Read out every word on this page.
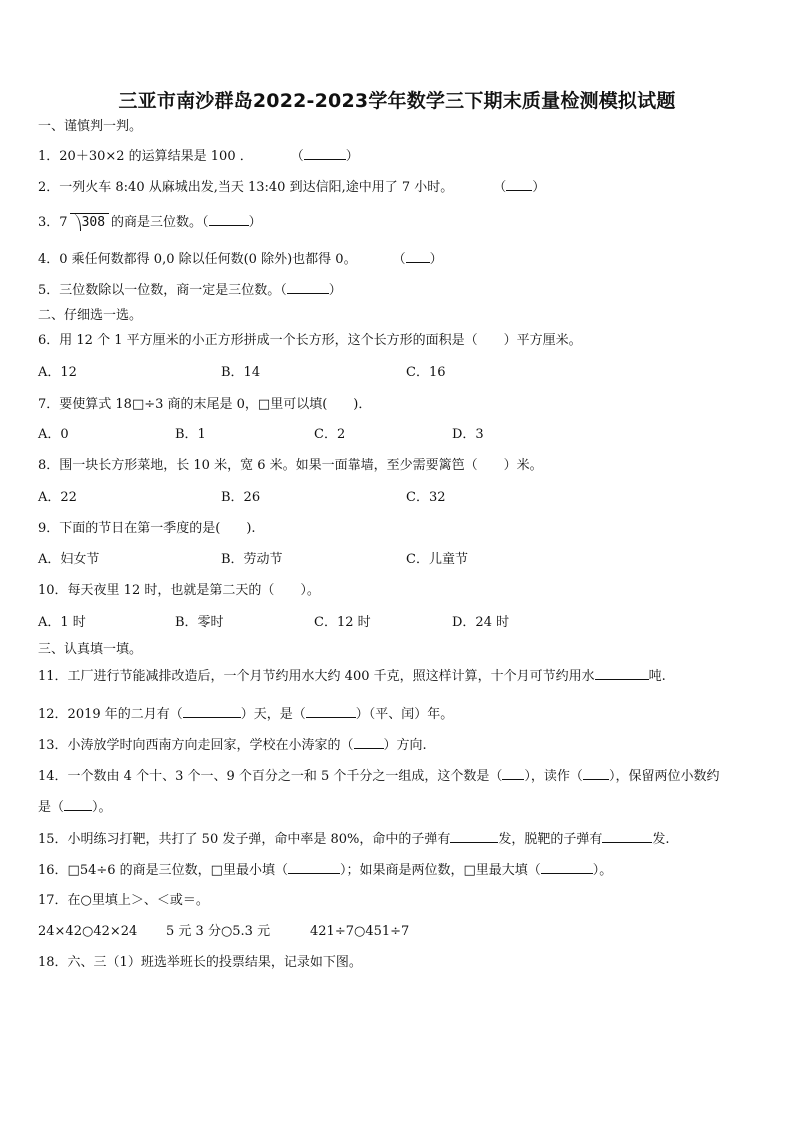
三亚市南沙群岛2022-2023学年数学三下期末质量检测模拟试题
一、谨慎判一判。
1．20＋30×2 的运算结果是 100 ．	（	）
2．一列火车 8:40 从麻城出发,当天 13:40 到达信阳,途中用了 7 小时。	（ ）
3．7 308 的商是三位数。（	）
4．0 乘任何数都得 0,0 除以任何数(0 除外)也都得 0。	（ ）
5．三位数除以一位数，商一定是三位数。（	）
二、仔细选一选。
6．用 12 个 1 平方厘米的小正方形拼成一个长方形，这个长方形的面积是（　　）平方厘米。
A．12	B．14	C．16
7．要使算式 18□÷3 商的末尾是 0，□里可以填(　　)．
A．0	B．1	C．2	D．3
8．围一块长方形菜地，长 10 米，宽 6 米。如果一面靠墙，至少需要篱笆（　　）米。
A．22	B．26	C．32
9．下面的节日在第一季度的是(　　).
A．妇女节	B．劳动节	C．儿童节
10．每天夜里 12 时，也就是第二天的（　　）。
A．1 时	B．零时	C．12 时	D．24 时
三、认真填一填。
11．工厂进行节能减排改造后，一个月节约用水大约 400 千克，照这样计算，十个月可节约用水	吨.
12．2019 年的二月有（	）天，是（	）（平、闰）年。
13．小涛放学时向西南方向走回家，学校在小涛家的（ ）方向.
14．一个数由 4 个十、3 个一、9 个百分之一和 5 个千分之一组成，这个数是（ ），读作（ ），保留两位小数约
是（ ）。
15．小明练习打靶，共打了 50 发子弹，命中率是 80%，命中的子弹有	发，脱靶的子弹有	发.
16．□54÷6 的商是三位数，□里最小填（	）；如果商是两位数，□里最大填（	）。
17．在○里填上＞、＜或＝。
24×42○42×24 5 元 3 分○5.3 元	421÷7○451÷7
18．六、三（1）班选举班长的投票结果，记录如下图。
